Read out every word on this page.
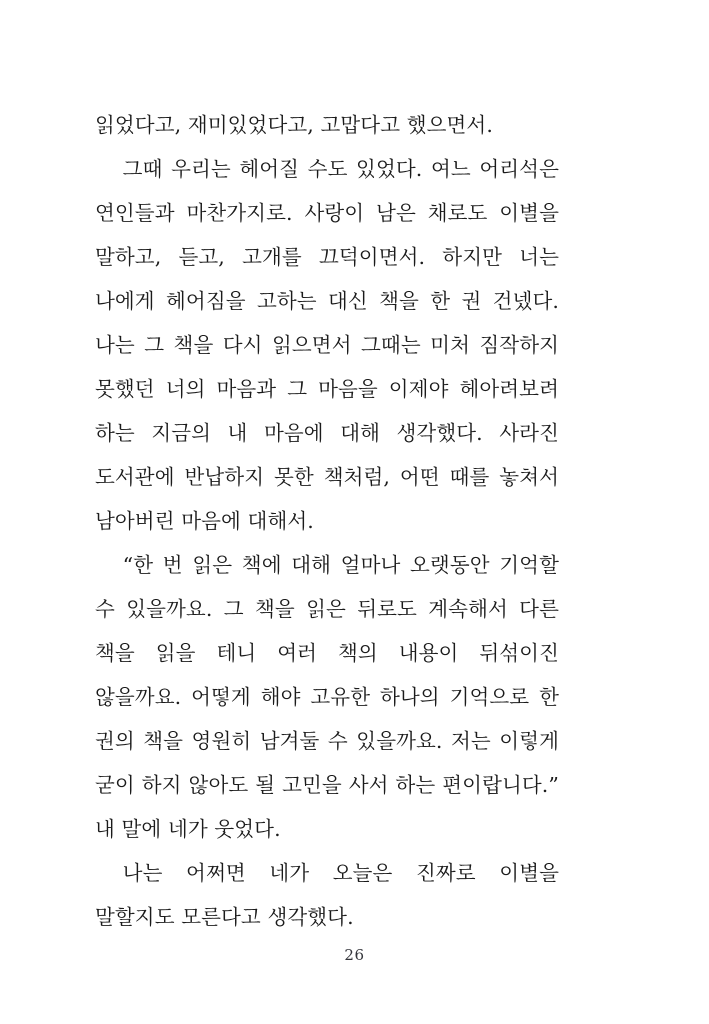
읽었다고, 재미있었다고, 고맙다고 했으면서.

그때 우리는 헤어질 수도 있었다. 여느 어리석은 연인들과 마찬가지로. 사랑이 남은 채로도 이별을 말하고, 듣고, 고개를 끄덕이면서. 하지만 너는 나에게 헤어짐을 고하는 대신 책을 한 권 건넸다. 나는 그 책을 다시 읽으면서 그때는 미처 짐작하지 못했던 너의 마음과 그 마음을 이제야 헤아려보려 하는 지금의 내 마음에 대해 생각했다. 사라진 도서관에 반납하지 못한 책처럼, 어떤 때를 놓쳐서 남아버린 마음에 대해서.

“한 번 읽은 책에 대해 얼마나 오랫동안 기억할 수 있을까요. 그 책을 읽은 뒤로도 계속해서 다른 책을 읽을 테니 여러 책의 내용이 뒤섞이진 않을까요. 어떻게 해야 고유한 하나의 기억으로 한 권의 책을 영원히 남겨둘 수 있을까요. 저는 이렇게 굳이 하지 않아도 될 고민을 사서 하는 편이랍니다.” 내 말에 네가 웃었다.

나는 어쩌면 네가 오늘은 진짜로 이별을 말할지도 모른다고 생각했다.

26
